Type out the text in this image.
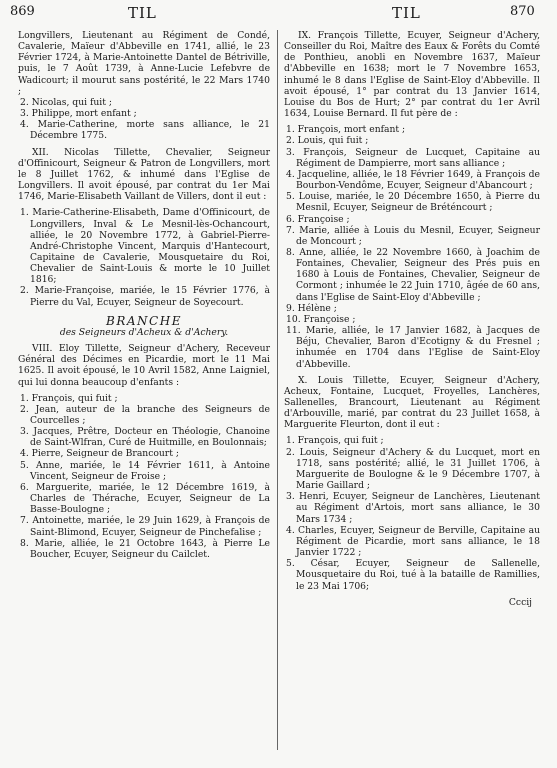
869	TIL	TIL	870

Longvillers, Lieutenant au Régiment de Condé, Cavalerie, Maïeur d'Abbeville en 1741, allié, le 23 Février 1724, à Marie-Antoinette Dantel de Bétriville, puis, le 7 Août 1739, à Anne-Lucie Lefebvre de Wadicourt; il mourut sans postérité, le 22 Mars 1740 ;

2. Nicolas, qui fuit ;

3. Philippe, mort enfant ;

4. Marie-Catherine, morte sans alliance, le 21 Décembre 1775.

XII. Nicolas Tillette, Chevalier, Seigneur d'Offinicourt, Seigneur & Patron de Longvillers, mort le 8 Juillet 1762, & inhumé dans l'Eglise de Longvillers. Il avoit épousé, par contrat du 1er Mai 1746, Marie-Elisabeth Vaillant de Villers, dont il eut :

1. Marie-Catherine-Elisabeth, Dame d'Offinicourt, de Longvillers, Inval & Le Mesnil-lès-Ochancourt, alliée, le 20 Novembre 1772, à Gabriel-Pierre-André-Christophe Vincent, Marquis d'Hantecourt, Capitaine de Cavalerie, Mousquetaire du Roi, Chevalier de Saint-Louis & morte le 10 Juillet 1816;

2. Marie-Françoise, mariée, le 15 Février 1776, à Pierre du Val, Ecuyer, Seigneur de Soyecourt.

BRANCHE

des Seigneurs d'Acheux & d'Achery.

VIII. Eloy Tillette, Seigneur d'Achery, Receveur Général des Décimes en Picardie, mort le 11 Mai 1625. Il avoit épousé, le 10 Avril 1582, Anne Laigniel, qui lui donna beaucoup d'enfants :

1. François, qui fuit ;

2. Jean, auteur de la branche des Seigneurs de Courcelles ;

3. Jacques, Prêtre, Docteur en Théologie, Chanoine de Saint-Wlfran, Curé de Huitmille, en Boulonnais;

4. Pierre, Seigneur de Brancourt ;

5. Anne, mariée, le 14 Février 1611, à Antoine Vincent, Seigneur de Froise ;

6. Marguerite, mariée, le 12 Décembre 1619, à Charles de Thérache, Ecuyer, Seigneur de La Basse-Boulogne ;

7. Antoinette, mariée, le 29 Juin 1629, à François de Saint-Blimond, Ecuyer, Seigneur de Pinchefalise ;

8. Marie, alliée, le 21 Octobre 1643, à Pierre Le Boucher, Ecuyer, Seigneur du Cailclet.

IX. François Tillette, Ecuyer, Seigneur d'Achery, Conseiller du Roi, Maître des Eaux & Forêts du Comté de Ponthieu, anobli en Novembre 1637, Maïeur d'Abbeville en 1638; mort le 7 Novembre 1653, inhumé le 8 dans l'Eglise de Saint-Eloy d'Abbeville. Il avoit épousé, 1° par contrat du 13 Janvier 1614, Louise du Bos de Hurt; 2° par contrat du 1er Avril 1634, Louise Bernard. Il fut père de :

1. François, mort enfant ;

2. Louis, qui fuit ;

3. François, Seigneur de Lucquet, Capitaine au Régiment de Dampierre, mort sans alliance ;

4. Jacqueline, alliée, le 18 Février 1649, à François de Bourbon-Vendôme, Ecuyer, Seigneur d'Abancourt ;

5. Louise, mariée, le 20 Décembre 1650, à Pierre du Mesnil, Ecuyer, Seigneur de Bréténcourt ;

6. Françoise ;

7. Marie, alliée à Louis du Mesnil, Ecuyer, Seigneur de Moncourt ;

8. Anne, alliée, le 22 Novembre 1660, à Joachim de Fontaines, Chevalier, Seigneur des Prés puis en 1680 à Louis de Fontaines, Chevalier, Seigneur de Cormont ; inhumée le 22 Juin 1710, âgée de 60 ans, dans l'Eglise de Saint-Eloy d'Abbeville ;

9. Hélène ;

10. Françoise ;

11. Marie, alliée, le 17 Janvier 1682, à Jacques de Béju, Chevalier, Baron d'Ecotigny & du Fresnel ; inhumée en 1704 dans l'Eglise de Saint-Eloy d'Abbeville.

X. Louis Tillette, Ecuyer, Seigneur d'Achery, Acheux, Fontaine, Lucquet, Froyelles, Lanchères, Sallenelles, Brancourt, Lieutenant au Régiment d'Arbouville, marié, par contrat du 23 Juillet 1658, à Marguerite Fleurton, dont il eut :

1. François, qui fuit ;

2. Louis, Seigneur d'Achery & du Lucquet, mort en 1718, sans postérité; allié, le 31 Juillet 1706, à Marguerite de Boulogne & le 9 Décembre 1707, à Marie Gaillard ;

3. Henri, Ecuyer, Seigneur de Lanchères, Lieutenant au Régiment d'Artois, mort sans alliance, le 30 Mars 1734 ;

4. Charles, Ecuyer, Seigneur de Berville, Capitaine au Régiment de Picardie, mort sans alliance, le 18 Janvier 1722 ;

5. César, Ecuyer, Seigneur de Sallenelle, Mousquetaire du Roi, tué à la bataille de Ramillies, le 23 Mai 1706;

Cccij
